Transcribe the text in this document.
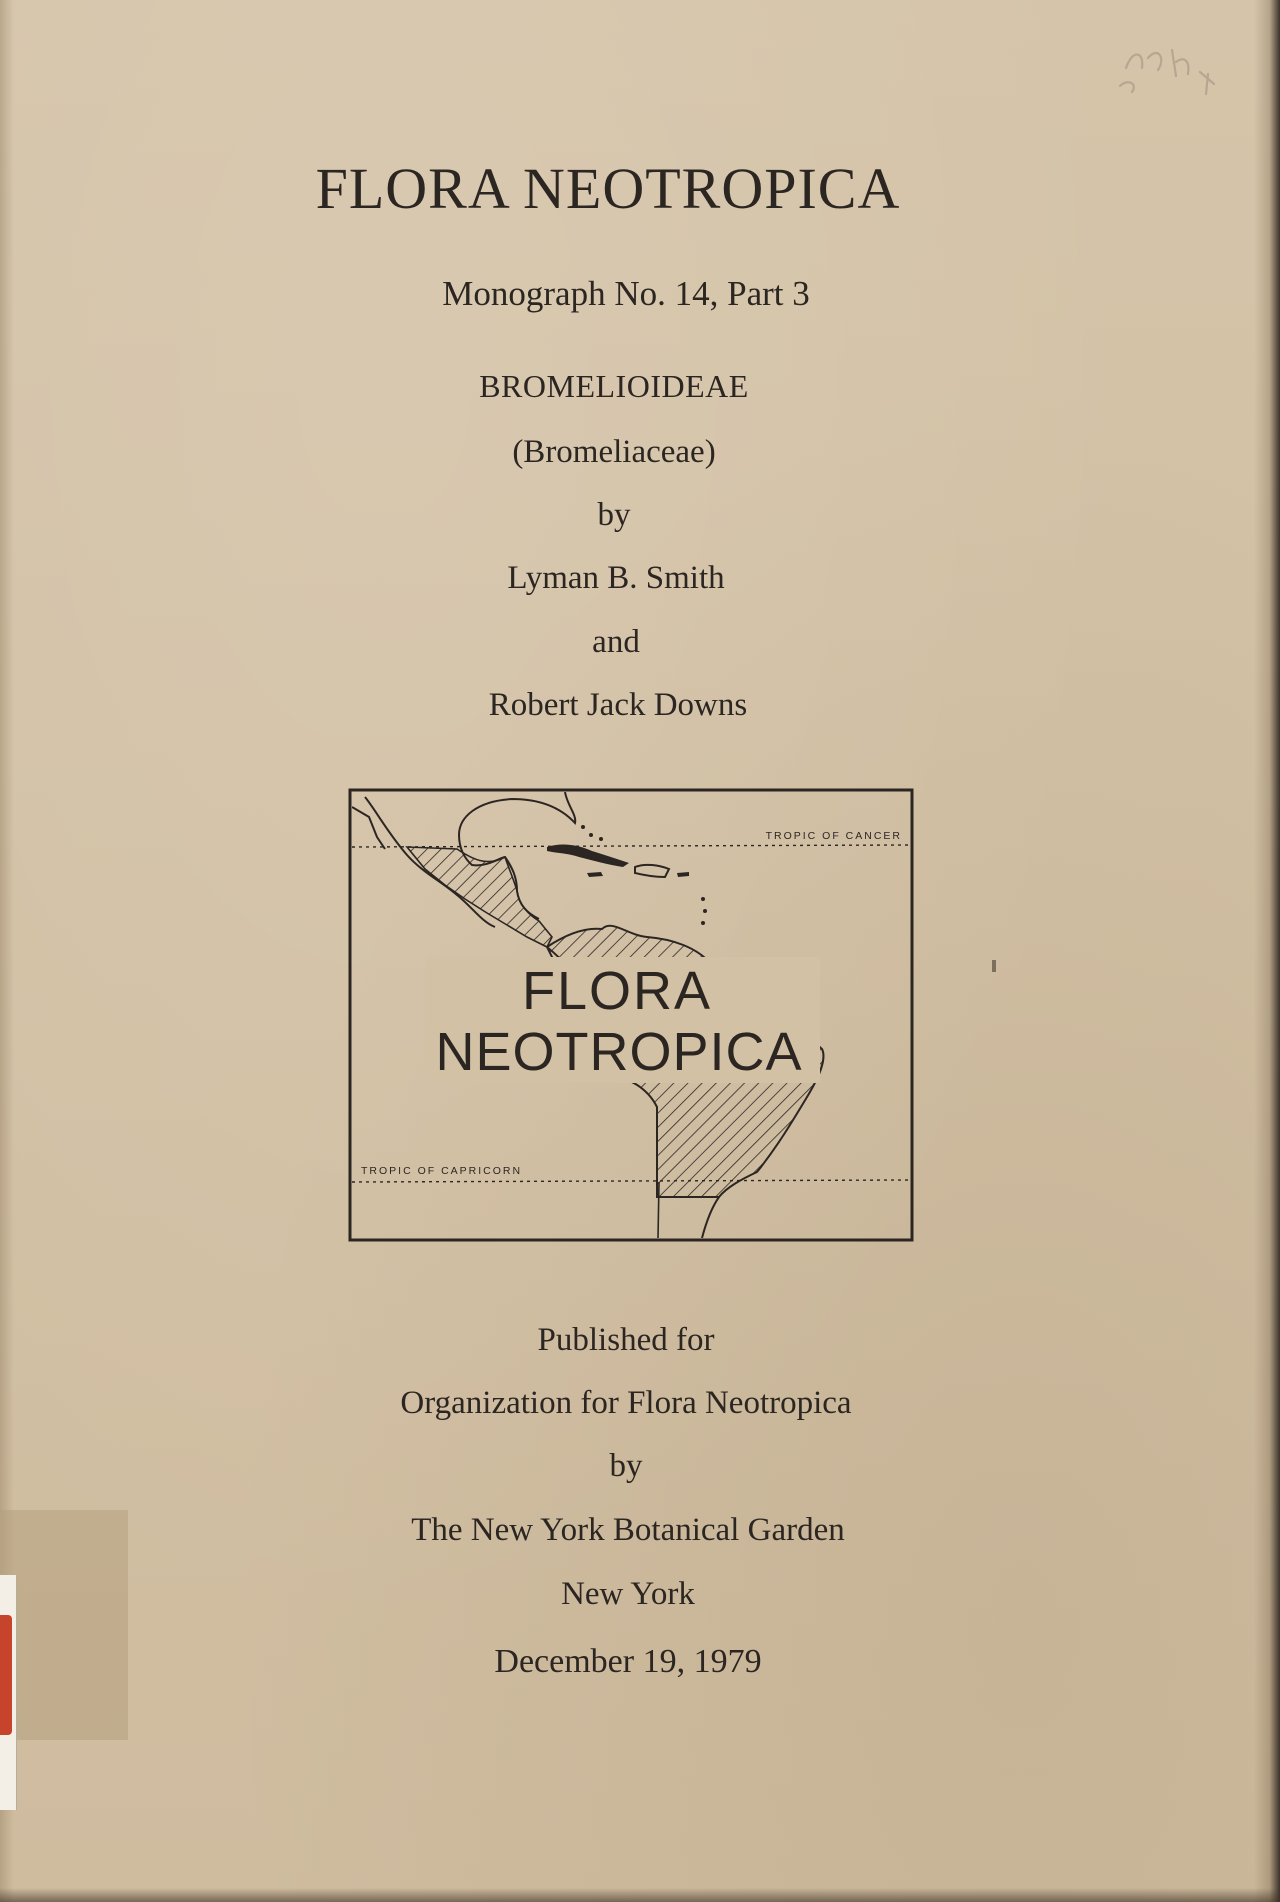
FLORA NEOTROPICA
Monograph No. 14, Part 3
BROMELIOIDEAE
(Bromeliaceae)
by
Lyman B. Smith
and
Robert Jack Downs
TROPIC OF CANCER
TROPIC OF CAPRICORN
FLORA
NEOTROPICA
Published for
Organization for Flora Neotropica
by
The New York Botanical Garden
New York
December 19, 1979
